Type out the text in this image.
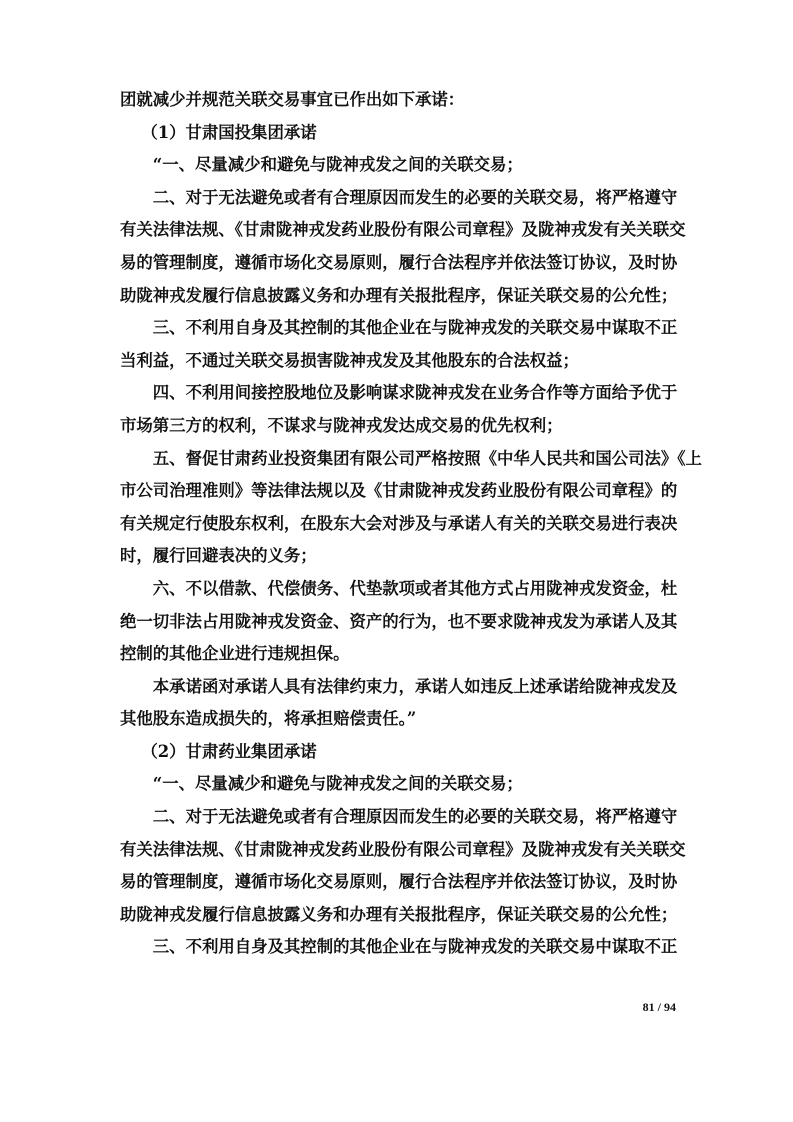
团就减少并规范关联交易事宜已作出如下承诺：
（1）甘肃国投集团承诺
“一、尽量减少和避免与陇神戎发之间的关联交易；
二、对于无法避免或者有合理原因而发生的必要的关联交易，将严格遵守
有关法律法规、《甘肃陇神戎发药业股份有限公司章程》及陇神戎发有关关联交
易的管理制度，遵循市场化交易原则，履行合法程序并依法签订协议，及时协
助陇神戎发履行信息披露义务和办理有关报批程序，保证关联交易的公允性；
三、不利用自身及其控制的其他企业在与陇神戎发的关联交易中谋取不正
当利益，不通过关联交易损害陇神戎发及其他股东的合法权益；
四、不利用间接控股地位及影响谋求陇神戎发在业务合作等方面给予优于
市场第三方的权利，不谋求与陇神戎发达成交易的优先权利；
五、督促甘肃药业投资集团有限公司严格按照《中华人民共和国公司法》《上
市公司治理准则》等法律法规以及《甘肃陇神戎发药业股份有限公司章程》的
有关规定行使股东权利，在股东大会对涉及与承诺人有关的关联交易进行表决
时，履行回避表决的义务；
六、不以借款、代偿债务、代垫款项或者其他方式占用陇神戎发资金，杜
绝一切非法占用陇神戎发资金、资产的行为，也不要求陇神戎发为承诺人及其
控制的其他企业进行违规担保。
本承诺函对承诺人具有法律约束力，承诺人如违反上述承诺给陇神戎发及
其他股东造成损失的，将承担赔偿责任。”
（2）甘肃药业集团承诺
“一、尽量减少和避免与陇神戎发之间的关联交易；
二、对于无法避免或者有合理原因而发生的必要的关联交易，将严格遵守
有关法律法规、《甘肃陇神戎发药业股份有限公司章程》及陇神戎发有关关联交
易的管理制度，遵循市场化交易原则，履行合法程序并依法签订协议，及时协
助陇神戎发履行信息披露义务和办理有关报批程序，保证关联交易的公允性；
三、不利用自身及其控制的其他企业在与陇神戎发的关联交易中谋取不正
81 / 94
